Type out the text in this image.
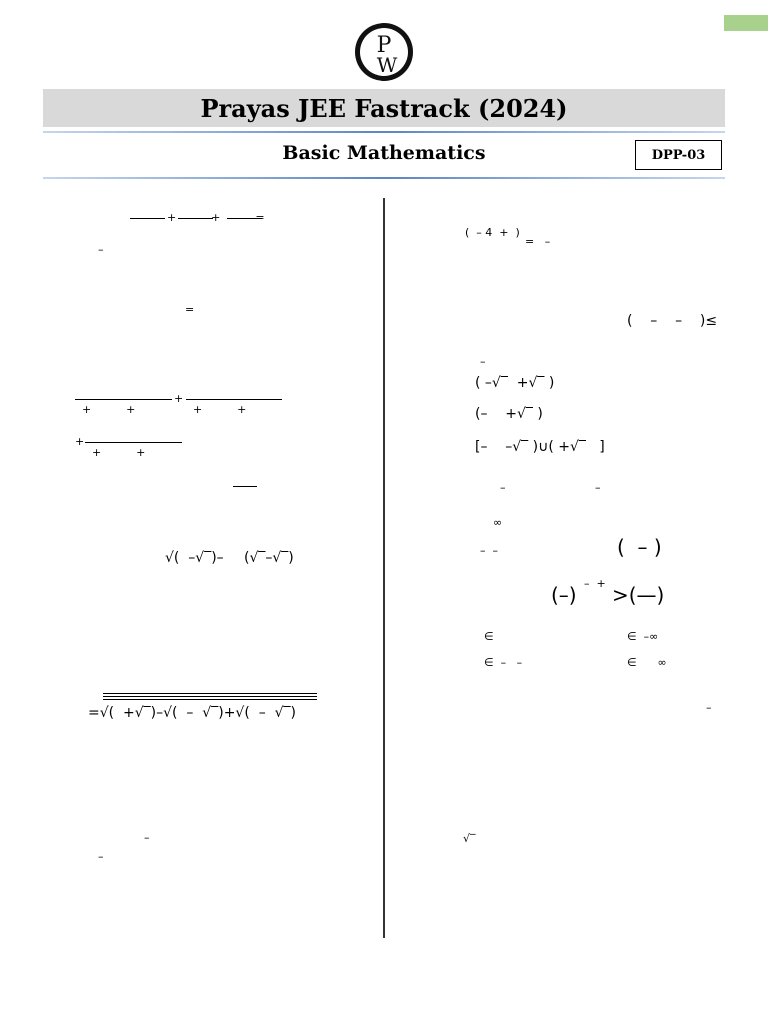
P
W
Prayas JEE Fastrack (2024)
Basic Mathematics	DPP-03
+          +          =
–
=
+
+          +	+          +
+
+          +
√(  –√‾)– (√‾–√‾)
=√(  +√‾)–√(  –  √‾)+√(  –  √‾)
–
–
(  – 4  +  )
=   –
(    –    –    )≤
–
( –√‾  +√‾ )
(–    +√‾ )
[–    –√‾ )∪( +√‾   ]
–	–
∞
–  –	(  – )
(–) –  + >(—)
∈	∈  –∞
∈  –   –	∈      ∞
–
√‾
